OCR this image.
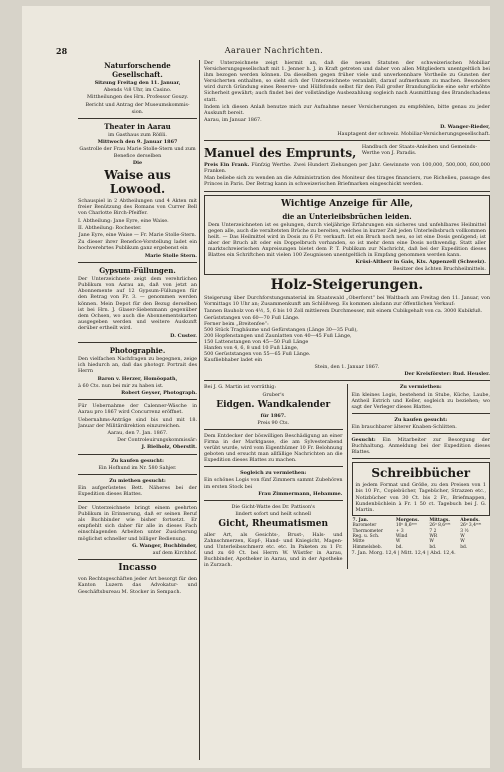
28	Aarauer Nachrichten.
Naturforschende Gesellschaft.

Sitzung Freitag den 11. Januar,

Abends ½8 Uhr, im Casino.

Mittheilungen des Hrn. Professor Gouzy.

Bericht und Antrag der Museumskommis-

sion.

Theater in Aarau

im Gasthaus zum Rößli.

Mittwoch den 9. Januar 1867

Gastrolle der Frau Marie Stolle-Stern und zum Benefice derselben

Die

Waise aus Lowood.

Schauspiel in 2 Abtheilungen und 4 Akten mit freier Benützung des Romans von Currer Bell von Charlotte Birch-Pfeiffer.

I. Abtheilung: Jane Eyre, eine Waise.

II. Abtheilung: Rochester.

Jane Eyre, eine Waise — Fr. Marie Stolle-Stern.

Zu dieser ihrer Benefice-Vorstellung ladet ein hochverehrtes Publikum ganz ergebenst ein

Marie Stolle Stern.

Gypsum-Füllungen.

Der Unterzeichnete zeigt dem verehrlichen Publikum von Aarau an, daß von jetzt an Abonnemente auf 12 Gypsum-Füllungen für den Betrag von Fr. 3. — genommen werden können. Mein Depot für den Bezug derselben ist bei Hrn. J. Glaser-Siebenmann gegenüber dem Ochsen, wo auch die Abonnementskarten ausgegeben werden und weitere Auskunft derüber ertheilt wird.

D. Custer.

Photographie.

Den vielfachen Nachfragen zu begegnen, zeige ich hiedurch an, daß das photogr. Portrait des Herrn

Baron v. Herzer, Homöopath,

à 60 Cts. nun bei mir zu haben ist.

Robert Geyser, Photograph.

Für Uebernahme der Calenner-Wäsche in Aarau pro 1867 wird Concurrenz eröffnet.

Uebernahms-Anträge sind bis und mit 18. Januar der Militärdirektion einzureichen.

Aarau, den 7. Jan. 1867.

Der Controleuirungskommissär:

J. Bielholz, Oberstlt.

Zu kaufen gesucht:

Ein Hofhund im Nr. 580 Sahjer.

Zu miethen gesucht:

Ein aufgerüstetes Bett. Näheres bei der Expedition dieses Blattes.

Der Unterzeichnete bringt einem geehrten Publikum in Erinnerung, daß er seinen Beruf als Buchbinder wie bisher fortsetzt. Er empfiehlt sich daher für alle in dieses Fach einschlagenden Arbeiten unter Zusicherung möglichst schneller und billiger Bedienung.

G. Wanger, Buchbinder,

auf dem Kirchhof.

Incasso

von Rechtsgeschäften jeder Art besorgt für den Kanton Luzern das Advokatur- und Geschäftsbureau M. Stocker in Sempach.

Der Unterzeichnete zeigt hiermit an, daß die neuen Statuten der schweizerischen Mobiliar Versicherungsgesellschaft mit 1. Jenner h. J. in Kraft getreten und daher von allen Mitgliedern unentgeltlich bei ihm bezogen werden können. Da dieselben gegen früher viele und unverkennbare Vortheile zu Gunsten der Versicherten enthalten, so sieht sich der Unterzeichnete veranlaßt, darauf aufmerksam zu machen. Besonders wird durch Gründung eines Reserve- und Hülfsfonds selbst für den Fall großer Brandunglücke eine sehr erhöhte Sicherheit gewährt; auch findet bei der vollständige Ausbezahlung sogleich nach Ausmittlung des Brandschadens statt.

Indem ich diesen Anlaß benutze mich zur Aufnahme neuer Versicherungen zu empfehlen, bitte genau zu jeder Auskunft bereit.

Aarau, im Januar 1867.

D. Wanger-Rieder,

Hauptagent der schweiz. Mobiliar-Versicherungsgesellschaft.

Manuel des Emprunts,	Handbuch der Staats-Anleihen und Gemeinds-Werthe von J. Paradis.

Preis Ein Frank. Fünfzig Werthe. Zwei Hundert Ziehungen per Jahr. Gewinnste von 100,000, 500,000, 600,000 Franken.

Man beliebe sich zu wenden an die Administration des Moniteur des tirages financiers, rue Richelieu, passage des Princes in Paris. Der Betrag kann in schweizerischen Briefmarken eingeschickt werden.

Wichtige Anzeige für Alle,
die an Unterleibsbrüchen leiden.

Dem Unterzeichneten ist es gelungen, durch vieljährige Erfahrungen ein sicheres und unfehlbares Heilmittel gegen alle, auch die veraltetsten Brüche zu bereiten, welches in kurzer Zeit jeden Unterleibsbruch vollkommen heilt. — Das Heilmittel wird in Dosis zu 6 Fr. verkauft. Ist ein Bruch noch neu, so ist eine Dosis genügend; ist aber der Bruch alt oder ein Doppelbruch vorhanden, so ist mehr denn eine Dosis nothwendig. Statt aller marktschreierischen Anpreisungen bietet dem P. T. Publikum zur Nachricht, daß bei der Expedition dieses Blattes ein Schriftchen mit vielen 100 Zeugnissen unentgeltlich in Empfang genommen werden kann.

Krüsi-Altherr in Gais, Kts. Appenzell (Schweiz).

Besitzer des ächten Bruchheilmittels.

Holz-Steigerungen.

Steigerung über Durchforstungsmaterial im Staatswald „Oberforst“ bei Waltbach am Freitag den 11. Januar, von Vormittags 10 Uhr an; Zusammenkunft am Schlößweg. Es kommen alsdann zur öffentlichen Verkauf:

Tannen Bauholz von 4½, 5, 6 bis 10 Zoll mittlerem Durchmesser, mit einem Cubikgehalt von ca. 3000 Kubikfuß.

Gerüststangen von 60—70 Fuß Länge.

Ferner beim „Breitenfee“:

500 Stück Tragbäume und Gefürstangen (Länge 30—35 Fuß),

200 Hopfenstangen und Zaunlatten von 40—45 Fuß Länge,

150 Lattenstangen von 45—50 Fuß Länge

Hanfen von 4, 6, 8 und 10 Fuß Länge,

500 Gerüststangen von 55—65 Fuß Länge.

Kaufliebhaber ladet ein

Stein, den 1. Januar 1867.

Der Kreisförster: Rud. Heusler.

Bei J. G. Martin ist vorräthig:

Gruber's

Eidgen. Wandkalender

für 1867.

Preis 90 Cts.

Dem Entdecker der böswilligen Beschädigung an einer Firma in der Marktgasse, die am Sylvesterabend verübt wurde, wird vom Eigenthümer 10 Fr. Belohnung geboten und ersucht man allfällige Nachrichten an die Expedition dieses Blattes zu machen.

Sogleich zu vermiethen:

Ein schönes Logis von fünf Zimmern sammt Zubehören im ersten Stock bei

Frau Zimmermann, Hebamme.

Die Gicht-Watte des Dr. Pattison's

lindert sofort und heilt schnell

Gicht, Rheumatismen

aller Art, als Gesichts-, Brust-, Hals- und Zahnschmerzen, Kopf-, Hand- und Kniegicht, Magen- und Unterleibsschmerz etc. etc. In Paketen zu 1 Fr. und zu 60 Ct. bei Herrn W. Wüstfer in Aarau, Buchbinder, Apotheker in Aarau, und in der Apotheke in Zurzach.

Zu vermiethen:

Ein kleines Logis, bestehend in Stube, Küche, Laube, Antheil Estrich und Keller, sogleich zu beziehen; wo sagt der Verleger dieses Blattes.

Zu kaufen gesucht:

Ein brauchbarer älterer Knaben-Schlitten.

Gesucht: Ein Mitarbeiter zur Besorgung der Buchhaltung. Anmeldung bei der Expedition dieses Blattes.

Schreibbücher

in jedem Format und Größe, zu den Preisen von 1 bis 10 Fr., Copiebücher, Tagebücher, Strazzen etc., Notizbücher von 30 Ct. bis 2 Fr., Briefmappen, Kundenbüchlein à Fr. 1 50 ct. Tagebuch bei J. G. Martin.

7. Jan.	Morgens.	Mittags.	Abends.
Barometer	10ᵘ 8,6ᵐᵐ	26ᵘ 8,6ᵐᵐ	26ᵘ 3,4ᵐᵐ
Thermometer	+ 3	7 2	3 ½
Reg. u. Sch.	Wind	WR	W
Mitte	W	W	W
Himmelsbeb.	bd.	bd.	bd.

7. Jan. Morg. 12,4 | Mitt. 12,4 | Abd. 12,4.
